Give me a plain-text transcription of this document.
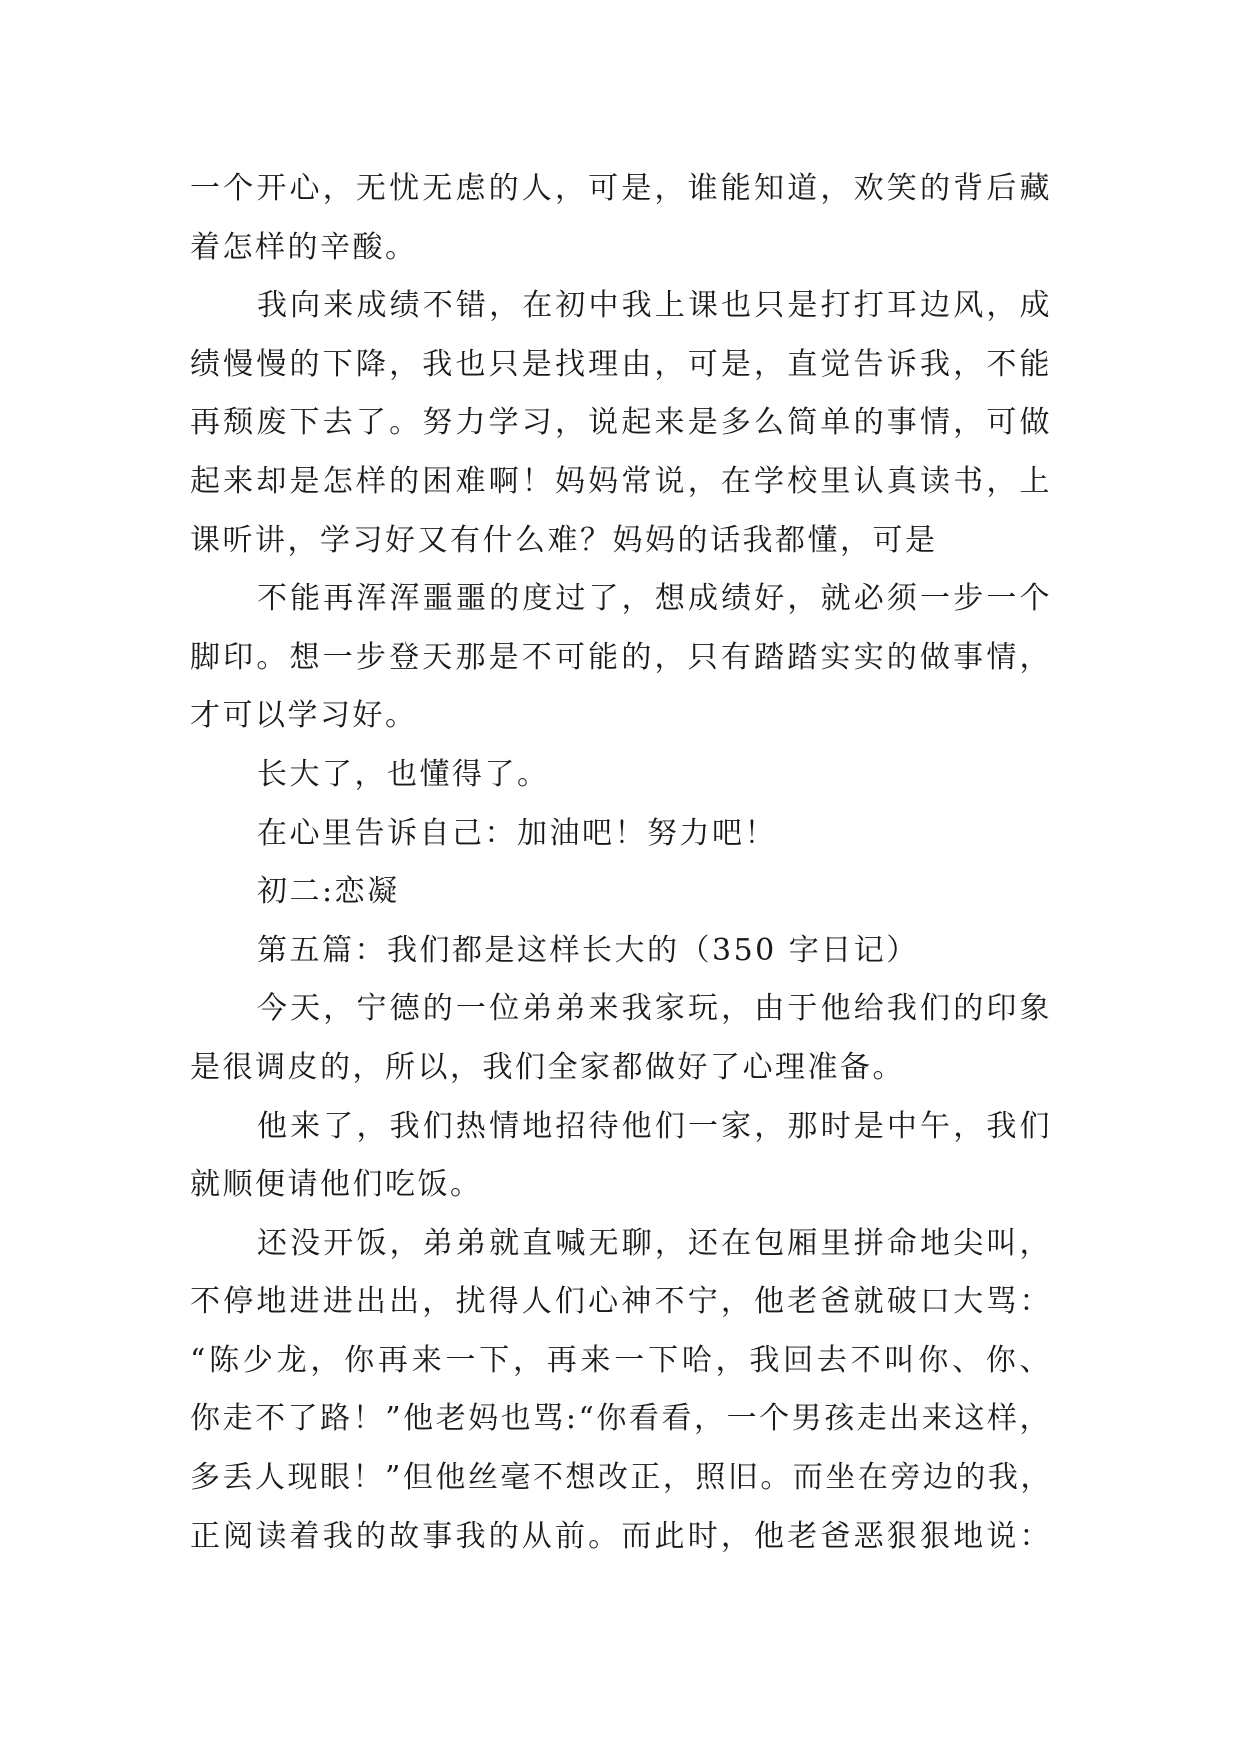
一个开心，无忧无虑的人，可是，谁能知道，欢笑的背后藏
着怎样的辛酸。
我向来成绩不错，在初中我上课也只是打打耳边风，成
绩慢慢的下降，我也只是找理由，可是，直觉告诉我，不能
再颓废下去了。努力学习，说起来是多么简单的事情，可做
起来却是怎样的困难啊！妈妈常说，在学校里认真读书，上
课听讲，学习好又有什么难？妈妈的话我都懂，可是
不能再浑浑噩噩的度过了，想成绩好，就必须一步一个
脚印。想一步登天那是不可能的，只有踏踏实实的做事情，
才可以学习好。
长大了，也懂得了。
在心里告诉自己：加油吧！努力吧！
初二:恋凝
第五篇：我们都是这样长大的（350 字日记）
今天，宁德的一位弟弟来我家玩，由于他给我们的印象
是很调皮的，所以，我们全家都做好了心理准备。
他来了，我们热情地招待他们一家，那时是中午，我们
就顺便请他们吃饭。
还没开饭，弟弟就直喊无聊，还在包厢里拼命地尖叫，
不停地进进出出，扰得人们心神不宁，他老爸就破口大骂：
“陈少龙，你再来一下，再来一下哈，我回去不叫你、你、
你走不了路！”他老妈也骂:“你看看，一个男孩走出来这样，
多丢人现眼！”但他丝毫不想改正，照旧。而坐在旁边的我，
正阅读着我的故事我的从前。而此时，他老爸恶狠狠地说：
